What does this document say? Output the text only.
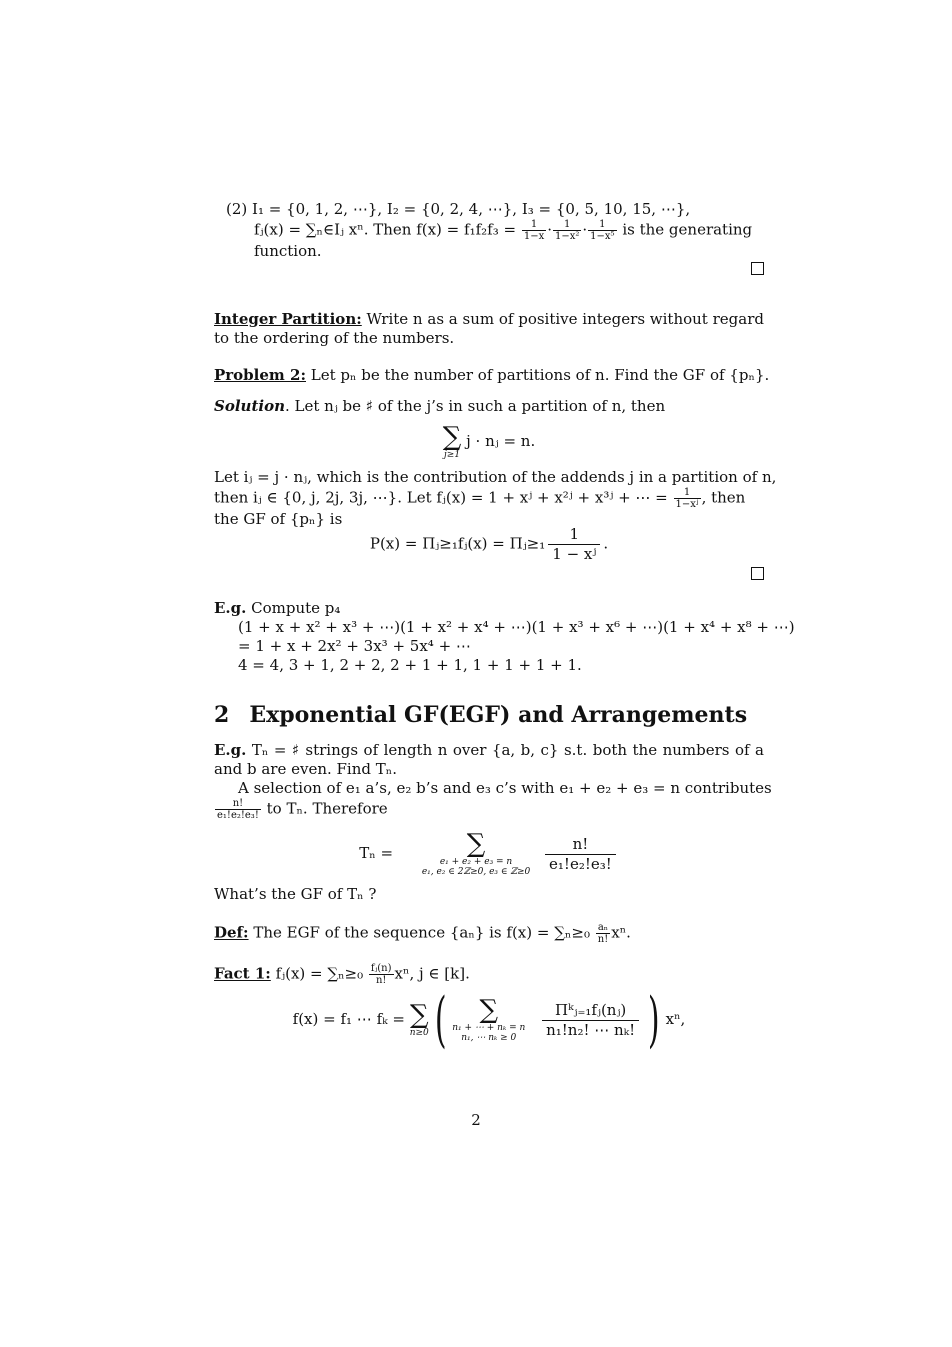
(2) I₁ = {0, 1, 2, ⋯}, I₂ = {0, 2, 4, ⋯}, I₃ = {0, 5, 10, 15, ⋯},
fⱼ(x) = ∑ₙ∈Iⱼ xⁿ. Then $f(x) = f_1f_2f_3 = \frac{1}{1-x} \cdot \frac{1}{\text{1−x²}} \cdot \frac{1}{\text{1−x⁵}}$ is the generating
function.
Integer Partition: Write n as a sum of positive integers without regard to the ordering of the numbers.
Problem 2: Let pₙ be the number of partitions of n. Find the GF of {pₙ}.
Solution. Let nⱼ be ♯ of the j’s in such a partition of n, then
∑
j≥1
j · nⱼ = n.
Let iⱼ = j · nⱼ, which is the contribution of the addends j in a partition of n,
then iⱼ ∈ {0, j, 2j, 3j, ⋯}. Let fⱼ(x) = 1 + xʲ + x²ʲ + x³ʲ + ⋯ = $\frac{1}{\text{1−xʲ}}$ , then
the GF of {pₙ} is
P(x) = Πⱼ≥₁fⱼ(x) = Πⱼ≥₁ $\frac{1}{\text{1 − xʲ}}$ .
E.g. Compute p₄
(1 + x + x² + x³ + ⋯)(1 + x² + x⁴ + ⋯)(1 + x³ + x⁶ + ⋯)(1 + x⁴ + x⁸ + ⋯)
= 1 + x + 2x² + 3x³ + 5x⁴ + ⋯
4 = 4, 3 + 1, 2 + 2, 2 + 1 + 1, 1 + 1 + 1 + 1.
2 Exponential GF(EGF) and Arrangements
E.g. Tₙ = ♯ strings of length n over {a, b, c} s.t. both the numbers of a and b are even. Find Tₙ.
A selection of e₁ a’s, e₂ b’s and e₃ c’s with e₁ + e₂ + e₃ = n contributes
$\frac{n!}{\text{e₁!e₂!e₃!}}$ to Tₙ. Therefore
Tₙ =	∑
e₁ + e₂ + e₃ = n
e₁, e₂ ∈ 2ℤ≥0, e₃ ∈ ℤ≥0
$\frac{n!}{\text{e₁!e₂!e₃!}}$
What’s the GF of Tₙ ?
Def: The EGF of the sequence {aₙ} is $f(x) = \sum_n\ge_0 \frac{\text{aₙ}}{n!} x^n$.
Fact 1: fⱼ(x) = $\sum_n\ge_0 \frac{\text{fⱼ(n)}}{n!} x^n$, j ∈ [k].
f(x) = f₁ ⋯ fₖ = ∑
n≥0 (	∑
n₁ + ⋯ + nₖ = n
n₁, ⋯ nₖ ≥ 0

Πᵏⱼ₌₁fⱼ(nⱼ)
n₁!n₂! ⋯ nₖ! ) xⁿ,
2
